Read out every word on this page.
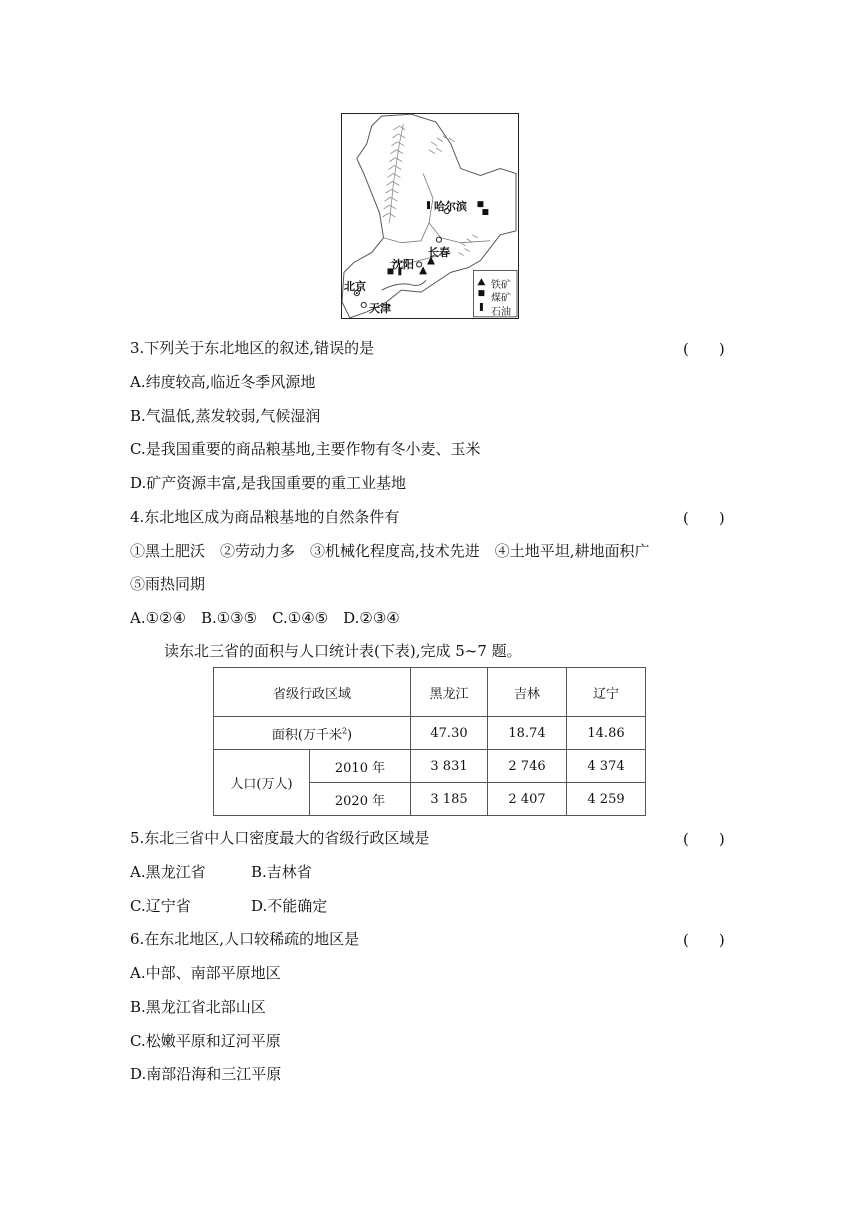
哈尔滨
长春
沈阳
北京
天津
铁矿
煤矿
石油
3.下列关于东北地区的叙述,错误的是	(　　)
A.纬度较高,临近冬季风源地
B.气温低,蒸发较弱,气候湿润
C.是我国重要的商品粮基地,主要作物有冬小麦、玉米
D.矿产资源丰富,是我国重要的重工业基地
4.东北地区成为商品粮基地的自然条件有	(　　)
①黑土肥沃　②劳动力多　③机械化程度高,技术先进　④土地平坦,耕地面积广
⑤雨热同期
A.①②④　B.①③⑤　C.①④⑤　D.②③④
读东北三省的面积与人口统计表(下表),完成 5~7 题。
省级行政区域		黑龙江	吉林	辽宁
面积(万千米$^2$)		47.30	18.74	14.86
人口(万人)	2010 年	3 831	2 746	4 374
	2020 年	3 185	2 407	4 259
5.东北三省中人口密度最大的省级行政区域是	(　　)
A.黑龙江省	B.吉林省
C.辽宁省	D.不能确定
6.在东北地区,人口较稀疏的地区是	(　　)
A.中部、南部平原地区
B.黑龙江省北部山区
C.松嫩平原和辽河平原
D.南部沿海和三江平原
